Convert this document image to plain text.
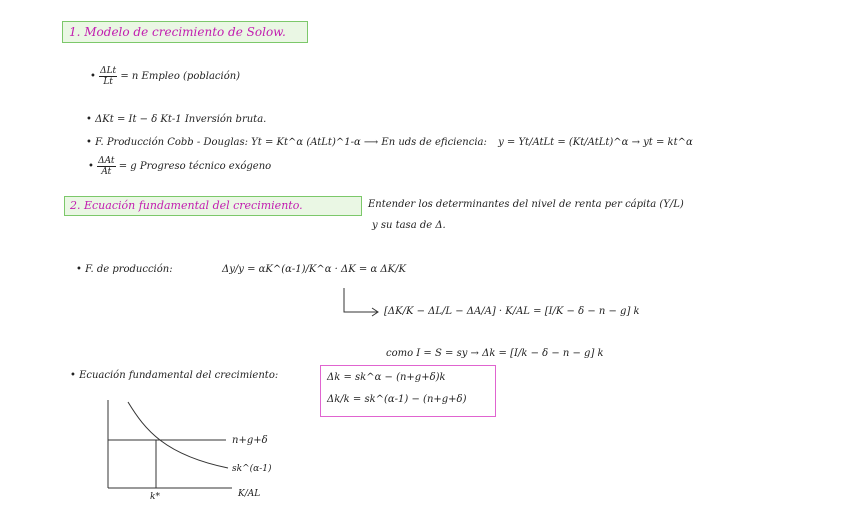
1. Modelo de crecimiento de Solow.
• $\frac{\text{ΔLt}}{Lt} = n$ Empleo (población)
• ΔKt = It − δ Kt-1 Inversión bruta.
• F. Producción Cobb - Douglas: Yt = Kt^α (AtLt)^1-α ⟶ En uds de eficiencia: y = Yt/AtLt = (Kt/AtLt)^α → yt = kt^α
• $\frac{\text{ΔAt}}{At} = g$ Progreso técnico exógeno
2. Ecuación fundamental del crecimiento.	Entender los determinantes del nivel de renta per cápita (Y/L)
y su tasa de Δ.
• F. de producción:	Δy/y = αK^(α-1)/K^α · ΔK = α ΔK/K
[ΔK/K − ΔL/L − ΔA/A] · K/AL = [I/K − δ − n − g] k
como I = S = sy → Δk = [I/k − δ − n − g] k
• Ecuación fundamental del crecimiento:	Δk = sk^α − (n+g+δ)k
Δk/k = sk^(α-1) − (n+g+δ)
n+g+δ
sk^(α-1)
k*	K/AL
